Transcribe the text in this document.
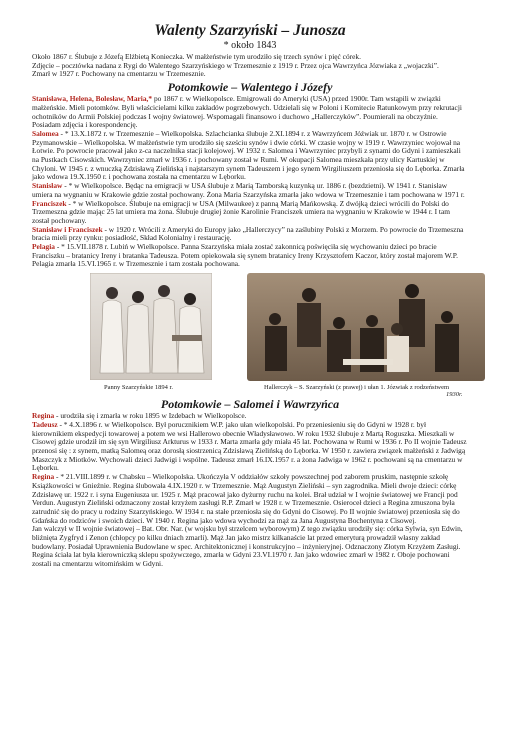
Walenty Szarzyński – Junosza
* około 1843

Około 1867 r. Ślubuje z Józefą Elżbietą Konieczka. W małżeństwie tym urodziło się trzech synów i pięć córek.

Zdjęcie – pocztówka nadana z Rygi do Walentego Szarzyńskiego w Trzemesznie z 1919 r. Przez ojca Wawrzyńca Józwiaka z „wojaczki”.

Zmarł w 1927 r. Pochowany na cmentarzu w Trzemesznie.

Potomkowie – Walentego i Józefy

Stanisława, Helena, Bolesław, Maria,* po 1867 r. w Wielkopolsce. Emigrowali do Ameryki (USA) przed 1900r. Tam wstąpili w związki małżeńskie. Mieli potomków. Byli właścicielami kilku zakładów pogrzebowych. Udzielali się w Poloni i Komitecie Ratunkowym przy rekrutacji ochotników do Armii Polskiej podczas I wojny światowej. Wspomagali finansowo i duchowo „Hallerczyków”. Poumierali na obczyźnie. Posiadam zdjęcia i korespondencję.

Salomea - * 13.X.1872 r. w Trzemesznie – Wielkopolska. Szlachcianka ślubuje 2.XI.1894 r. z Wawrzyńcem Jóźwiak ur. 1870 r. w Ostrowie Pzymanowskie – Wielkopolska. W małżeństwie tym urodziło się sześciu synów i dwie córki. W czasie wojny w 1919 r. Wawrzyniec wojował na Łotwie. Po powrocie pracował jako z-ca naczelnika stacji kolejowej. W 1932 r. Salomea i Wawrzyniec przybyli z synami do Gdyni i zamieszkali na Pustkach Cisowskich. Wawrzyniec zmarł w 1936 r. i pochowany został w Rumi. W okupacji Salomea mieszkała przy ulicy Kartuskiej w Chyloni. W 1945 r. z wnuczką Zdzisławą Zielińską i najstarszym synem Tadeuszem i jego synem Wirgiliuszem przeniosła się do Lęborka. Zmarła jako wdowa 19.X.1950 r. i pochowana została na cmentarzu w Lęborku.

Stanisław - * w Wielkopolsce. Będąc na emigracji w USA ślubuje z Marią Tamborską kuzynką ur. 1886 r. (bezdzietni). W 1941 r. Stanisław umiera na wygnaniu w Krakowie gdzie został pochowany. Żona Maria Szarzyńska zmarła jako wdowa w Trzemesznie i tam pochowana w 1971 r.

Franciszek - * w Wielkopolsce. Ślubuje na emigracji w USA (Milwaukee) z panną Marią Mańkowską. Z dwójką dzieci wrócili do Polski do Trzemeszna gdzie mając 25 lat umiera ma żona. Ślubuje drugiej żonie Karolinie Franciszek umiera na wygnaniu w Krakowie w 1944 r. I tam został pochowany.

Stanisław i Franciszek - w 1920 r. Wrócili z Ameryki do Europy jako „Hallerczycy” na zaślubiny Polski z Morzem. Po powrocie do Trzemeszna bracia mieli przy rynku: posiadłość, Skład Kolonialny i restaurację.

Pelagia - * 15.VII.1878 r. Lubiń w Wielkopolsce. Panna Szarzyńska miała zostać zakonnicą poświęciła się wychowaniu dzieci po bracie Franciszku – bratanicy Ireny i bratanka Tadeusza. Potem opiekowała się synem bratanicy Ireny Krzysztofem Kaczor, który został majorem W.P. Pelagia zmarła 15.VI.1965 r. w Trzemesznie i tam została pochowana.

Panny Szarzyńskie 1894 r.	Hallerczyk – S. Szarzyński (z prawej) i ułan 1. Józwiak z rodzeństwem
1930r.
Potomkowie – Salomei i Wawrzyńca

Regina - urodziła się i zmarła w roku 1895 w Izdebach w Wielkopolsce.

Tadeusz - * 4.X.1896 r. w Wielkopolsce. Był porucznikiem W.P. jako ułan wielkopolski. Po przeniesieniu się do Gdyni w 1928 r. był kierownikiem ekspedycji towarowej a potem we wsi Hallerowo obecnie Władysławowo. W roku 1932 ślubuje z Martą Roguszka. Mieszkali w Cisowej gdzie urodził im się syn Wirgiliusz Arkturus w 1933 r. Marta zmarła gdy miała 45 lat. Pochowana w Rumi w 1936 r. Po II wojnie Tadeusz przenosi się : z synem, matką Salomeą oraz dorosłą siostrzenicą Zdzisławą Zielińską do Lęborka. W 1950 r. zawiera związek małżeński z Jadwigą Maszczyk z Miotków. Wychowali dzieci Jadwigi i wspólne. Tadeusz zmarł 16.IX.1957 r. a żona Jadwiga w 1962 r. pochowani są na cmentarzu w Lęborku.

Regina - * 21.VIII.1899 r. w Chabsku – Wielkopolska. Ukończyła V oddziałów szkoły powszechnej pod zaborem pruskim, następnie szkołę Książkowości w Gnieźnie. Regina ślubowała 4.IX.1920 r. w Trzemesznie. Mąż Augustyn Zieliński – syn zagrodnika. Mieli dwoje dzieci: córkę Zdzisławę ur. 1922 r. i syna Eugeniusza ur. 1925 r. Mąż pracował jako dyżurny ruchu na kolei. Brał udział w I wojnie światowej we Francji pod Verdun. Augustyn Zieliński odznaczony został krzyżem zasługi R.P. Zmarł w 1928 r. w Trzemesznie. Osieroceł dzieci a Regina zmuszona była zatrudnić się do pracy u rodziny Szarzyńskiego. W 1934 r. na stałe przeniosła się do Gdyni do Cisowej. Po II wojnie światowej przeniosła się do Gdańska do rodziców i swoich dzieci. W 1940 r. Regina jako wdowa wychodzi za mąż za Jana Augustyna Bochentyna z Cisowej.

Jan walczył w II wojnie światowej – Bat. Obr. Nar. (w wojsku był strzelcem wyborowym) Z tego związku urodziły się: córka Sylwia, syn Edwin, bliźnięta Zygfryd i Zenon (chłopcy po kilku dniach zmarli). Mąż Jan jako mistrz kilkanaście lat przed emeryturą prowadził własny zakład budowlany. Posiadał Uprawnienia Budowlane w spec. Architektonicznej i konstrukcyjno – inżynieryjnej. Odznaczony Złotym Krzyżem Zasługi. Regina ściała lat była kierowniczką sklepu spożywczego, zmarła w Gdyni 23.VI.1970 r. Jan jako wdowiec zmarł w 1982 r. Oboje pochowani zostali na cmentarzu witomińskim w Gdyni.
